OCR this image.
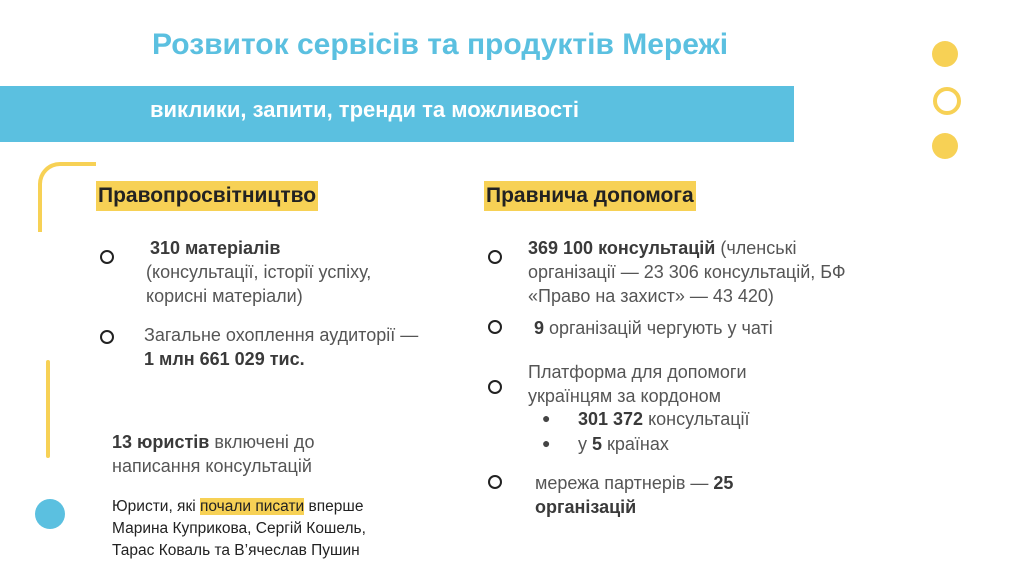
Розвиток сервісів та продуктів Мережі
виклики, запити, тренди та можливості
Правопросвітництво
310 матеріалів
(консультації, історії успіху, корисні матеріали)
Загальне охоплення аудиторії — 1 млн 661 029 тис.
13 юристів включені до написання консультацій
Юристи, які почали писати вперше
Марина Куприкова, Сергій Кошель,
Тарас Коваль та В’ячеслав Пушин
Правнича допомога
369 100 консультацій (членські організації — 23 306 консультацій, БФ «Право на захист» — 43 420)
9 організацій чергують у чаті
Платформа для допомоги українцям за кордоном
● 301 372 консультації
● у 5 країнах
мережа партнерів — 25 організацій
